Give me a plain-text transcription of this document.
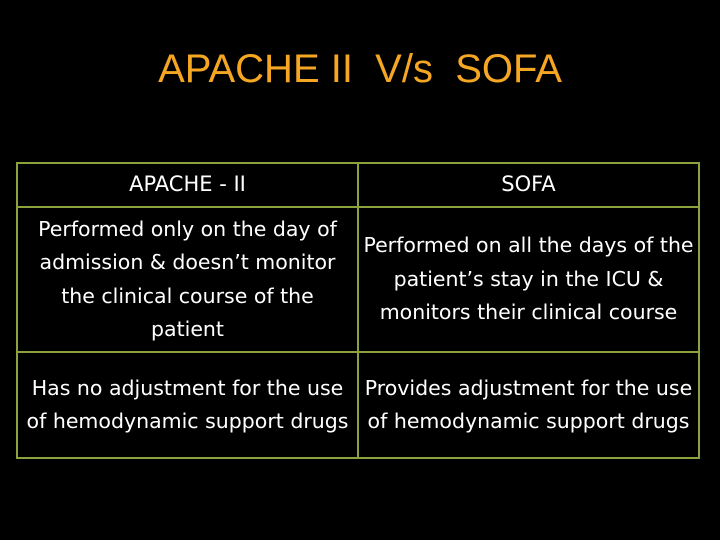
APACHE II  V/s  SOFA
APACHE - II	SOFA
Performed only on the day of admission & doesn’t monitor the clinical course of the patient	Performed on all the days of the patient’s stay in the ICU & monitors their clinical course
Has no adjustment for the use of hemodynamic support drugs	Provides adjustment for the use of hemodynamic support drugs
